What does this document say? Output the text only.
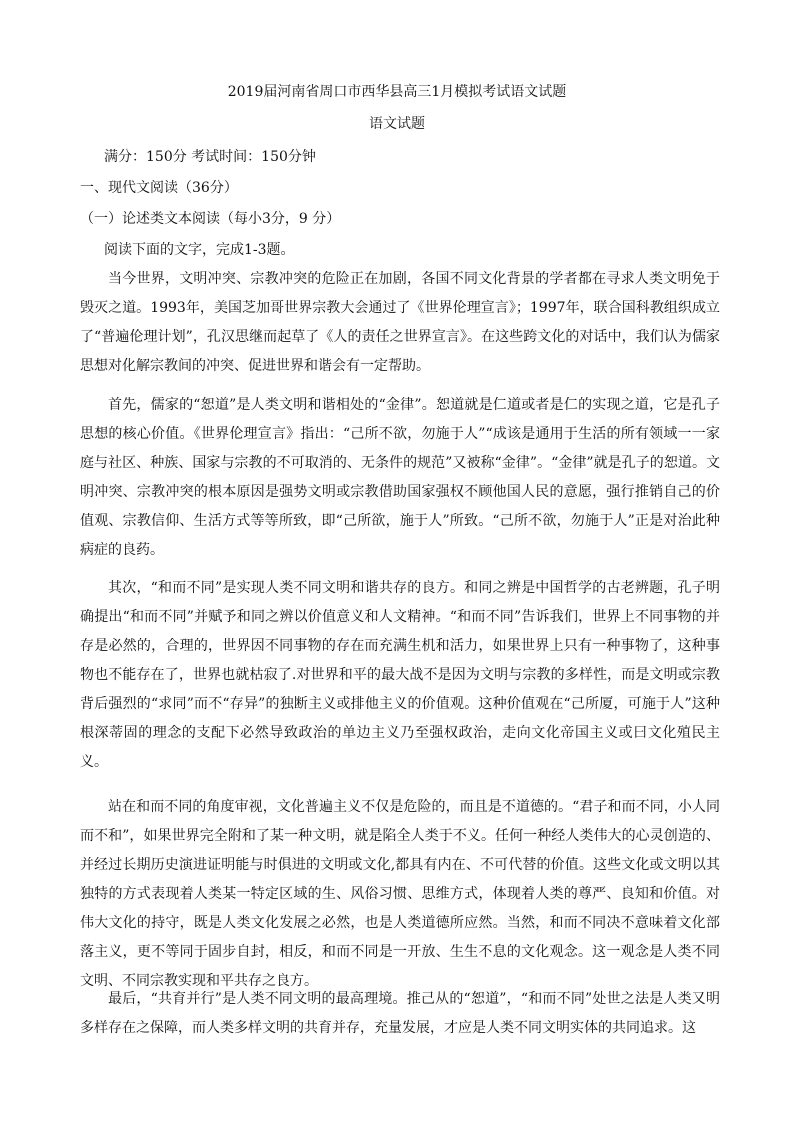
2019届河南省周口市西华县高三1月模拟考试语文试题
语文试题
满分：150分 考试时间：150分钟
一、现代文阅读（36分）
（一）论述类文本阅读（每小3分，9 分）
阅读下面的文字，完成1-3题。

当今世界，文明冲突、宗教冲突的危险正在加剧，各国不同文化背景的学者都在寻求人类文明免于毁灭之道。1993年，美国芝加哥世界宗教大会通过了《世界伦理宣言》；1997年，联合国科教组织成立了“普遍伦理计划”，孔汉思继而起草了《人的责任之世界宣言》。在这些跨文化的对话中，我们认为儒家思想对化解宗教间的冲突、促进世界和谐会有一定帮助。

首先，儒家的“恕道”是人类文明和谐相处的“金律”。恕道就是仁道或者是仁的实现之道，它是孔子思想的核心价值。《世界伦理宣言》指出：“己所不欲，勿施于人”“成该是通用于生活的所有领域一一家庭与社区、种族、国家与宗教的不可取消的、无条件的规范”又被称“金律”。“金律”就是孔子的恕道。文明冲突、宗教冲突的根本原因是强势文明或宗教借助国家强权不顾他国人民的意愿，强行推销自己的价值观、宗教信仰、生活方式等等所致，即“己所欲，施于人”所致。“己所不欲，勿施于人”正是对治此种病症的良药。

其次，“和而不同”是实现人类不同文明和谐共存的良方。和同之辨是中国哲学的古老辨题，孔子明确提出“和而不同”并赋予和同之辨以价值意义和人文精神。“和而不同”告诉我们，世界上不同事物的并存是必然的，合理的，世界因不同事物的存在而充满生机和活力，如果世界上只有一种事物了，这种事物也不能存在了，世界也就枯寂了.对世界和平的最大战不是因为文明与宗教的多样性，而是文明或宗教背后强烈的“求同”而不“存异”的独断主义或排他主义的价值观。这种价值观在“己所厦，可施于人”这种根深蒂固的理念的支配下必然导致政治的单边主义乃至强权政治，走向文化帝国主义或曰文化殖民主义。

站在和而不同的角度审视，文化普遍主义不仅是危险的，而且是不道德的。“君子和而不同，小人同而不和”，如果世界完全附和了某一种文明，就是陷全人类于不义。任何一种经人类伟大的心灵创造的、并经过长期历史演进证明能与时俱进的文明或文化,都具有内在、不可代替的价值。这些文化或文明以其独特的方式表现着人类某一特定区域的生、风俗习惯、思维方式，体现着人类的尊严、良知和价值。对伟大文化的持守，既是人类文化发展之必然，也是人类道德所应然。当然，和而不同决不意味着文化部落主义，更不等同于固步自封，相反，和而不同是一开放、生生不息的文化观念。这一观念是人类不同文明、不同宗教实现和平共存之良方。

最后，“共育并行”是人类不同文明的最高理境。推己从的“恕道”，“和而不同”处世之法是人类又明多样存在之保障，而人类多样文明的共育并存，充量发展，才应是人类不同文明实体的共同追求。这
